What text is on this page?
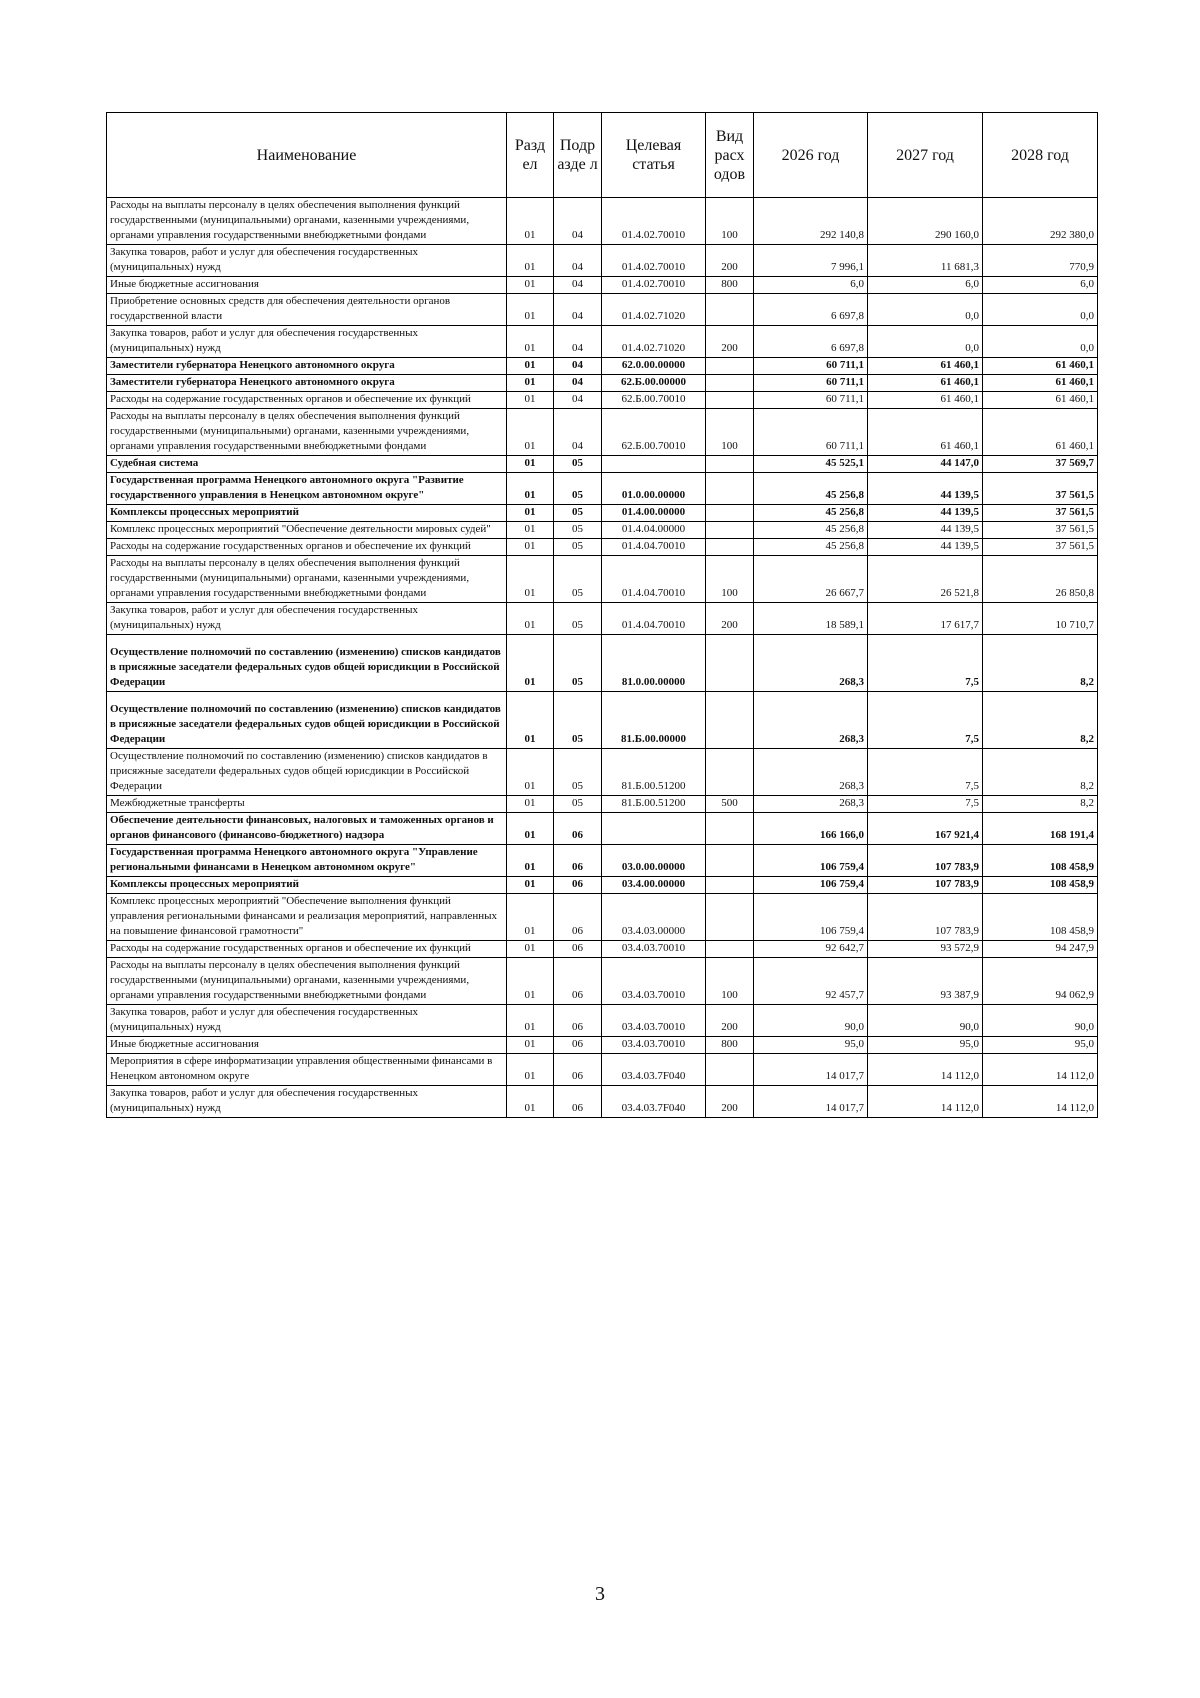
Наименование	Разд ел	Подр азде л	Целевая статья	Вид расх одов	2026 год	2027 год	2028 год
Расходы на выплаты персоналу в целях обеспечения выполнения функций государственными (муниципальными) органами, казенными учреждениями, органами управления государственными внебюджетными фондами	01	04	01.4.02.70010	100	292 140,8	290 160,0	292 380,0
Закупка товаров, работ и услуг для обеспечения государственных (муниципальных) нужд	01	04	01.4.02.70010	200	7 996,1	11 681,3	770,9
Иные бюджетные ассигнования	01	04	01.4.02.70010	800	6,0	6,0	6,0
Приобретение основных средств для обеспечения деятельности органов государственной власти	01	04	01.4.02.71020		6 697,8	0,0	0,0
Закупка товаров, работ и услуг для обеспечения государственных (муниципальных) нужд	01	04	01.4.02.71020	200	6 697,8	0,0	0,0
Заместители губернатора Ненецкого автономного округа	01	04	62.0.00.00000		60 711,1	61 460,1	61 460,1
Заместители губернатора Ненецкого автономного округа	01	04	62.Б.00.00000		60 711,1	61 460,1	61 460,1
Расходы на содержание государственных органов и обеспечение их функций	01	04	62.Б.00.70010		60 711,1	61 460,1	61 460,1
Расходы на выплаты персоналу в целях обеспечения выполнения функций государственными (муниципальными) органами, казенными учреждениями, органами управления государственными внебюджетными фондами	01	04	62.Б.00.70010	100	60 711,1	61 460,1	61 460,1
Судебная система	01	05			45 525,1	44 147,0	37 569,7
Государственная программа Ненецкого автономного округа "Развитие государственного управления в Ненецком автономном округе"	01	05	01.0.00.00000		45 256,8	44 139,5	37 561,5
Комплексы процессных мероприятий	01	05	01.4.00.00000		45 256,8	44 139,5	37 561,5
Комплекс процессных мероприятий "Обеспечение деятельности мировых судей"	01	05	01.4.04.00000		45 256,8	44 139,5	37 561,5
Расходы на содержание государственных органов и обеспечение их функций	01	05	01.4.04.70010		45 256,8	44 139,5	37 561,5
Расходы на выплаты персоналу в целях обеспечения выполнения функций государственными (муниципальными) органами, казенными учреждениями, органами управления государственными внебюджетными фондами	01	05	01.4.04.70010	100	26 667,7	26 521,8	26 850,8
Закупка товаров, работ и услуг для обеспечения государственных (муниципальных) нужд	01	05	01.4.04.70010	200	18 589,1	17 617,7	10 710,7
Осуществление полномочий по составлению (изменению) списков кандидатов в присяжные заседатели федеральных судов общей юрисдикции в Российской Федерации	01	05	81.0.00.00000		268,3	7,5	8,2
Осуществление полномочий по составлению (изменению) списков кандидатов в присяжные заседатели федеральных судов общей юрисдикции в Российской Федерации	01	05	81.Б.00.00000		268,3	7,5	8,2
Осуществление полномочий по составлению (изменению) списков кандидатов в присяжные заседатели федеральных судов общей юрисдикции в Российской Федерации	01	05	81.Б.00.51200		268,3	7,5	8,2
Межбюджетные трансферты	01	05	81.Б.00.51200	500	268,3	7,5	8,2
Обеспечение деятельности финансовых, налоговых и таможенных органов и органов финансового (финансово-бюджетного) надзора	01	06			166 166,0	167 921,4	168 191,4
Государственная программа Ненецкого автономного округа "Управление региональными финансами в Ненецком автономном округе"	01	06	03.0.00.00000		106 759,4	107 783,9	108 458,9
Комплексы процессных мероприятий	01	06	03.4.00.00000		106 759,4	107 783,9	108 458,9
Комплекс процессных мероприятий "Обеспечение выполнения функций управления региональными финансами и реализация мероприятий, направленных на повышение финансовой грамотности"	01	06	03.4.03.00000		106 759,4	107 783,9	108 458,9
Расходы на содержание государственных органов и обеспечение их функций	01	06	03.4.03.70010		92 642,7	93 572,9	94 247,9
Расходы на выплаты персоналу в целях обеспечения выполнения функций государственными (муниципальными) органами, казенными учреждениями, органами управления государственными внебюджетными фондами	01	06	03.4.03.70010	100	92 457,7	93 387,9	94 062,9
Закупка товаров, работ и услуг для обеспечения государственных (муниципальных) нужд	01	06	03.4.03.70010	200	90,0	90,0	90,0
Иные бюджетные ассигнования	01	06	03.4.03.70010	800	95,0	95,0	95,0
Мероприятия в сфере информатизации управления общественными финансами в Ненецком автономном округе	01	06	03.4.03.7F040		14 017,7	14 112,0	14 112,0
Закупка товаров, работ и услуг для обеспечения государственных (муниципальных) нужд	01	06	03.4.03.7F040	200	14 017,7	14 112,0	14 112,0
3
